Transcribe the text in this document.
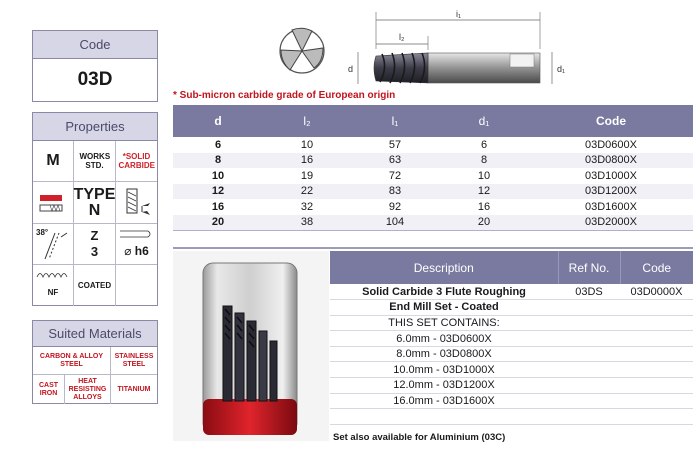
Code
03D
Properties
M WORKS STD.
*SOLID CARBIDE
TYPE
N
38°	Z
3 ⌀ h6
NF
COATED
Suited Materials
CARBON & ALLOY STEEL
STAINLESS STEEL
CAST IRON
HEAT RESISTING ALLOYS
TITANIUM
i₁
l₂
d	d₁
* Sub-micron carbide grade of European origin
d	l₂	l₁	d₁	Code
6	10	57	6	03D0600X
8	16	63	8	03D0800X
10	19	72	10	03D1000X
12	22	83	12	03D1200X
16	32	92	16	03D1600X
20	38	104	20	03D2000X
Description	Ref No.	Code
Solid Carbide 3 Flute Roughing	03DS	03D0000X
End Mill Set - Coated		
THIS SET CONTAINS:		
6.0mm - 03D0600X		
8.0mm - 03D0800X		
10.0mm - 03D1000X		
12.0mm - 03D1200X		
16.0mm - 03D1600X		

Set also available for Aluminium (03C)
